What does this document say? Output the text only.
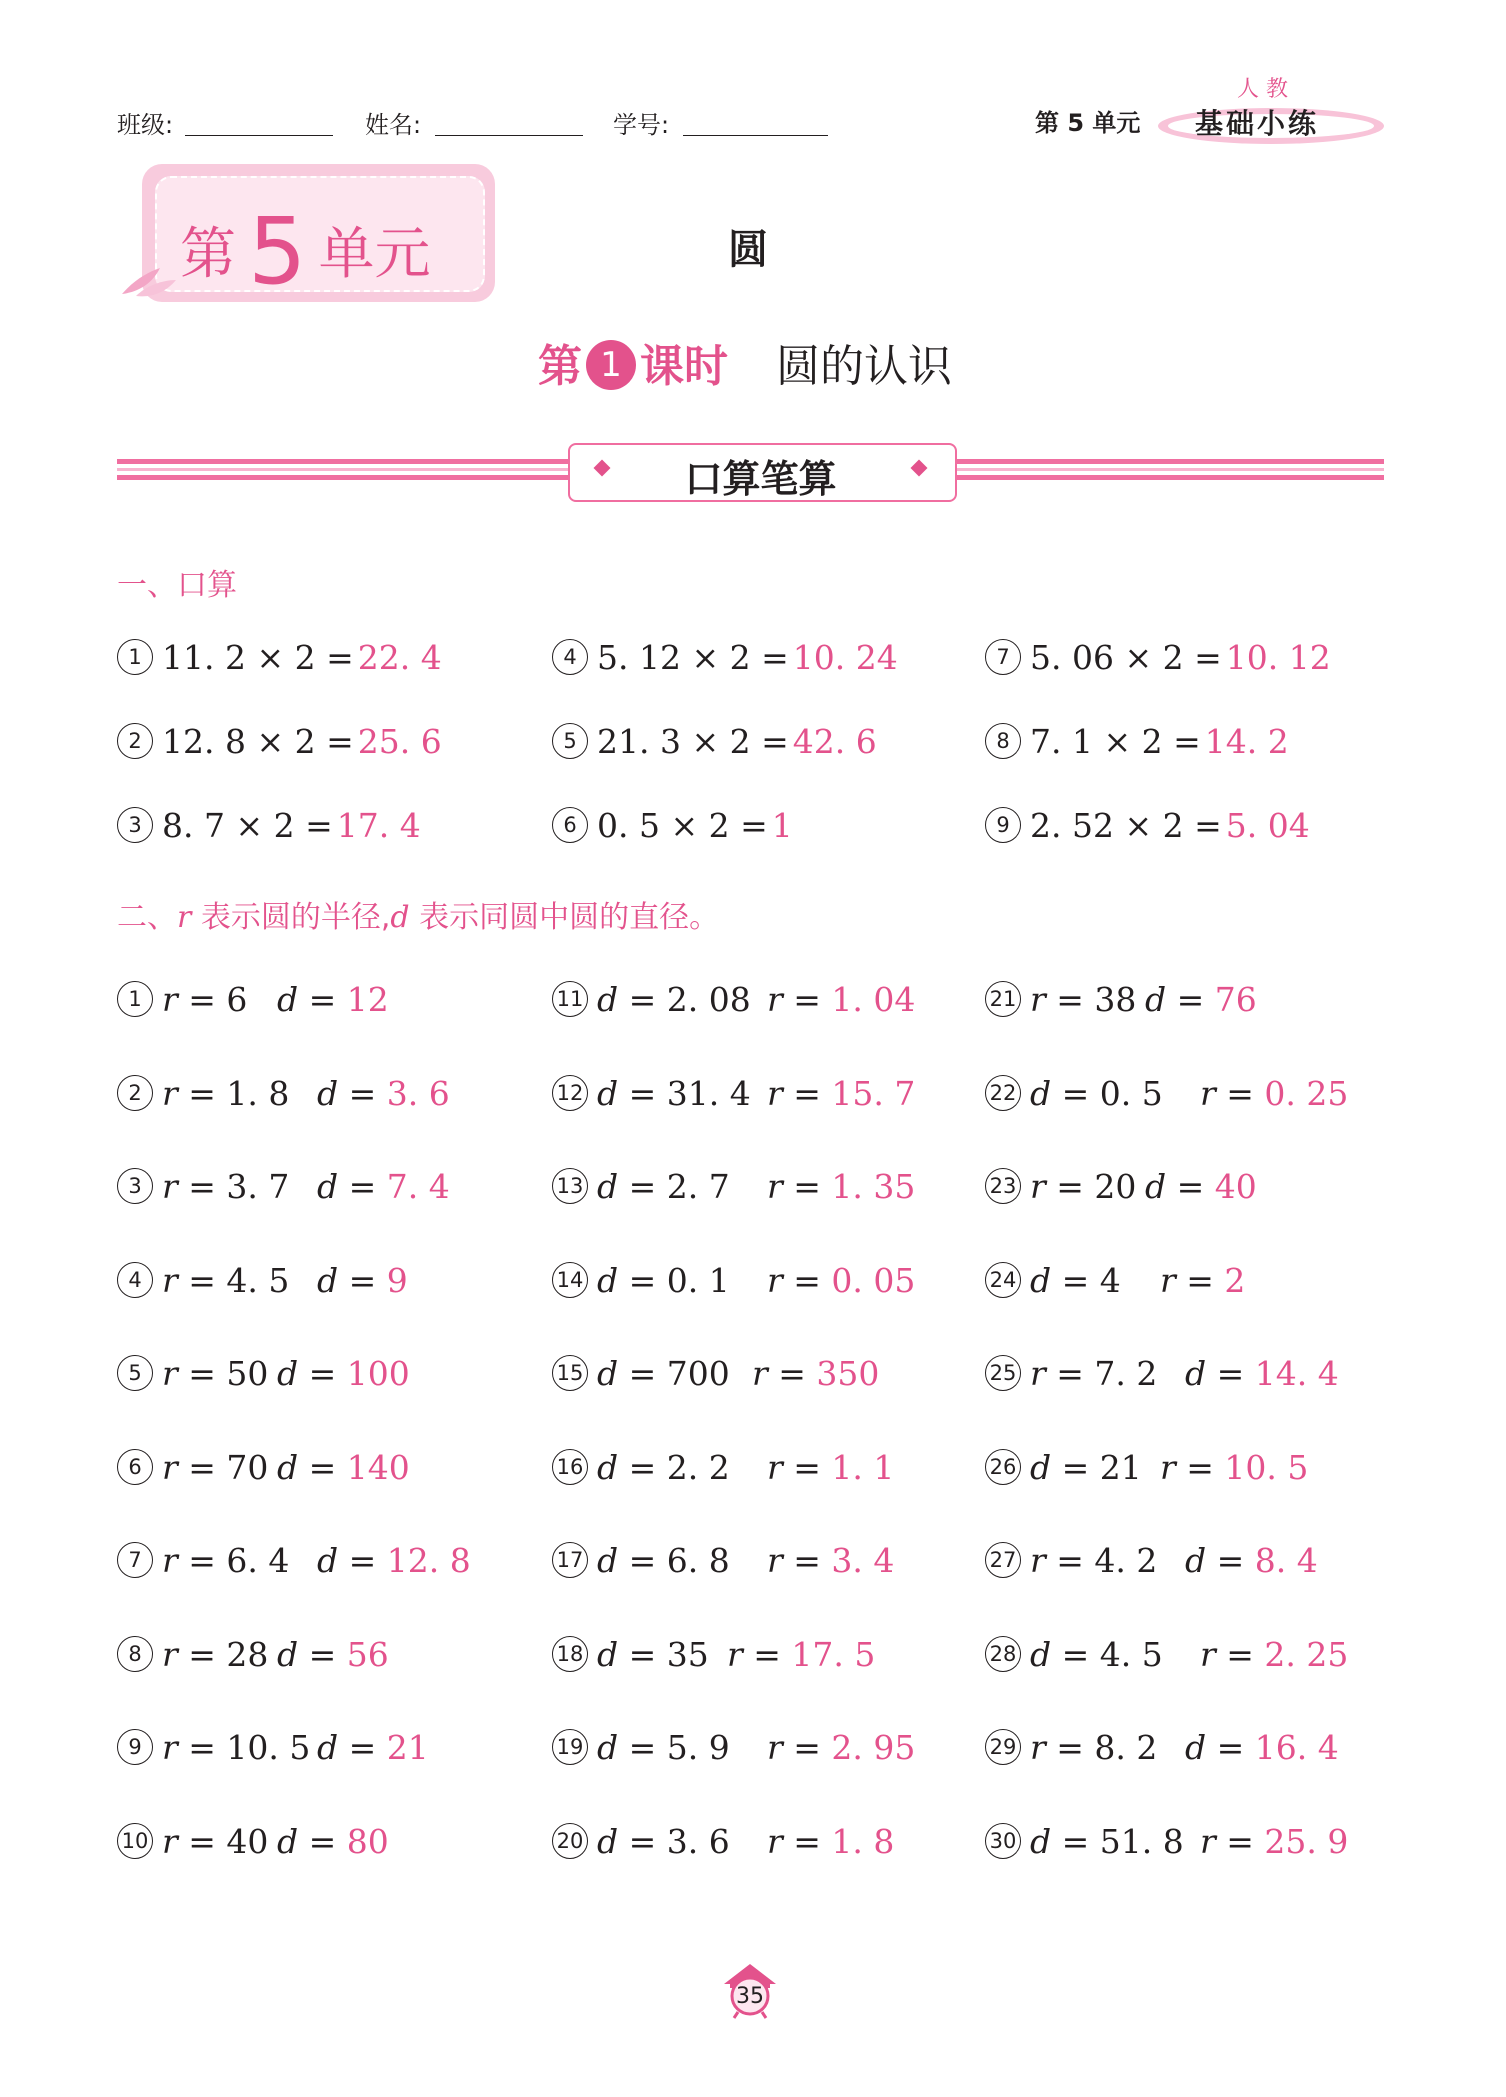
班级:	姓名:	学号:	第 5 单元
人 教
基础小练
第 5 单元	圆
第 1 课时 圆的认识
口算笔算
一、口算
1 11. 2 × 2 = 22. 4
2 12. 8 × 2 = 25. 6
3 8. 7 × 2 = 17. 4
4 5. 12 × 2 = 10. 24
5 21. 3 × 2 = 42. 6
6 0. 5 × 2 = 1
7 5. 06 × 2 = 10. 12
8 7. 1 × 2 = 14. 2
9 2. 52 × 2 = 5. 04
二、r 表示圆的半径,d 表示同圆中圆的直径。
1 r = 6 d = 12
2 r = 1. 8 d = 3. 6
3 r = 3. 7 d = 7. 4
4 r = 4. 5 d = 9
5 r = 50 d = 100
6 r = 70 d = 140
7 r = 6. 4 d = 12. 8
8 r = 28 d = 56
9 r = 10. 5 d = 21
10 r = 40 d = 80
11 d = 2. 08 r = 1. 04
12 d = 31. 4 r = 15. 7
13 d = 2. 7 r = 1. 35
14 d = 0. 1 r = 0. 05
15 d = 700 r = 350
16 d = 2. 2 r = 1. 1
17 d = 6. 8 r = 3. 4
18 d = 35 r = 17. 5
19 d = 5. 9 r = 2. 95
20 d = 3. 6 r = 1. 8
21 r = 38 d = 76
22 d = 0. 5 r = 0. 25
23 r = 20 d = 40
24 d = 4 r = 2
25 r = 7. 2 d = 14. 4
26 d = 21 r = 10. 5
27 r = 4. 2 d = 8. 4
28 d = 4. 5 r = 2. 25
29 r = 8. 2 d = 16. 4
30 d = 51. 8 r = 25. 9
35
